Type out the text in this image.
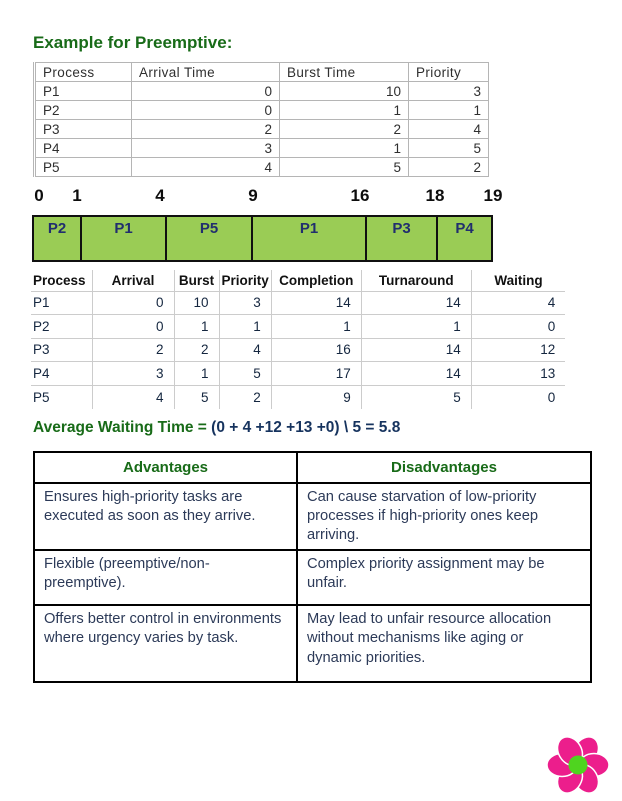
Example for Preemptive:
Process	Arrival Time	Burst Time	Priority
P1	0	10	3
P2	0	1	1
P3	2	2	4
P4	3	1	5
P5	4	5	2
0 1	4	9	16	18 19
P2	P1	P5	P1	P3	P4
Process	Arrival	Burst	Priority	Completion	Turnaround	Waiting
P1	0	10	3	14	14	4
P2	0	1	1	1	1	0
P3	2	2	4	16	14	12
P4	3	1	5	17	14	13
P5	4	5	2	9	5	0
Average Waiting Time = (0 + 4 +12 +13 +0) \ 5 = 5.8
Advantages	Disadvantages
Ensures high-priority tasks are executed as soon as they arrive.	Can cause starvation of low-priority processes if high-priority ones keep arriving.
Flexible (preemptive/non-preemptive).	Complex priority assignment may be unfair.
Offers better control in environments where urgency varies by task.	May lead to unfair resource allocation without mechanisms like aging or dynamic priorities.
